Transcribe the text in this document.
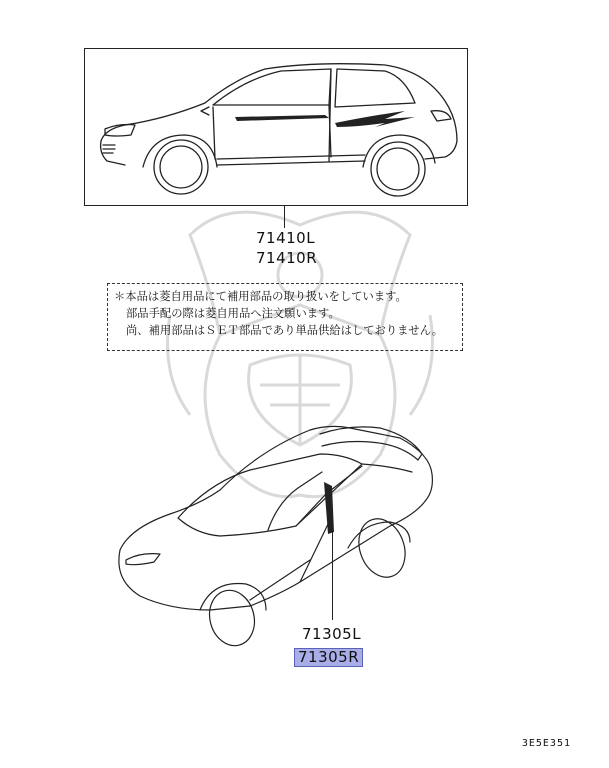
71410L
71410R
＊本品は菱自用品にて補用部品の取り扱いをしています。
部品手配の際は菱自用品へ注文願います。
尚、補用部品はＳＥＴ部品であり単品供給はしておりません。
71305L
71305R
3E5E351
